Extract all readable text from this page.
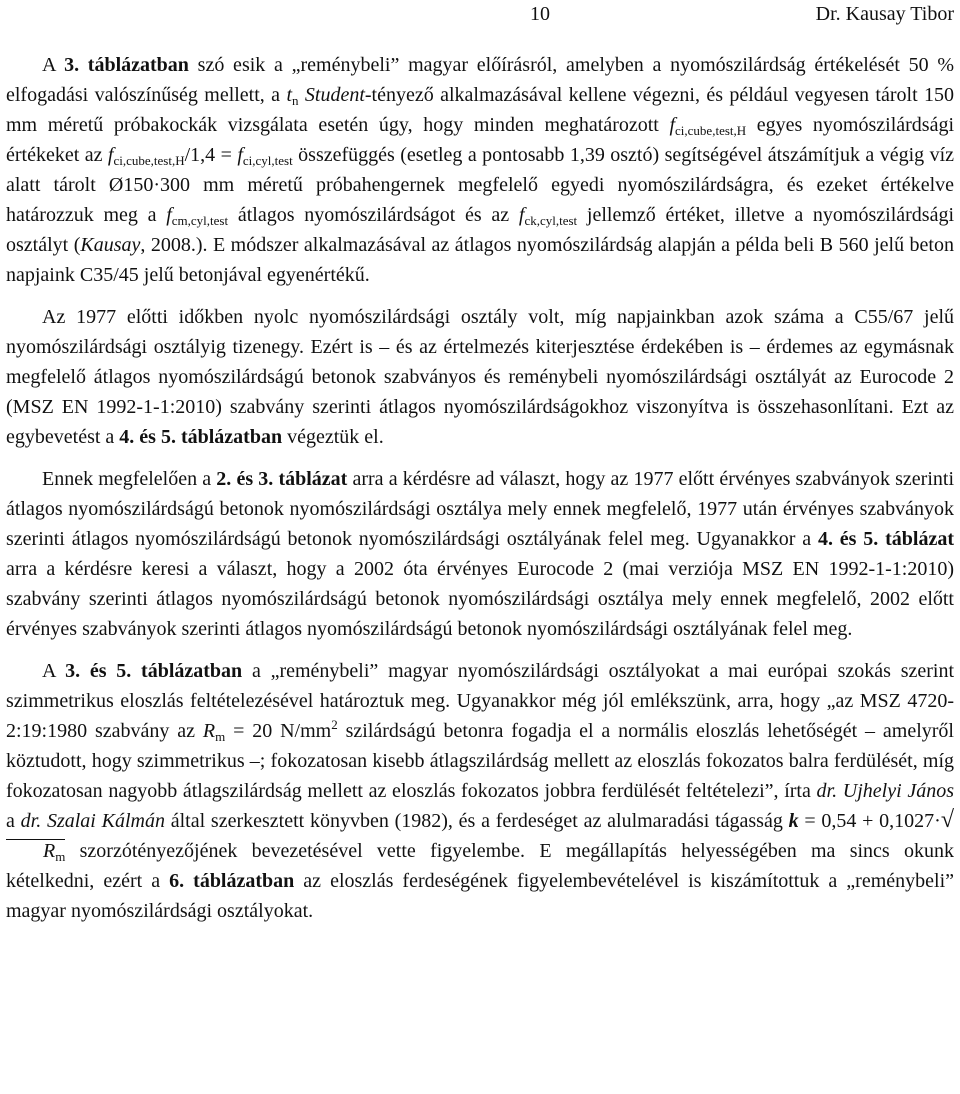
10	Dr. Kausay Tibor

A 3. táblázatban szó esik a „reménybeli” magyar előírásról, amelyben a nyomószilárdság értékelését 50 % elfogadási valószínűség mellett, a $t_n$ Student-tényező alkalmazásával kellene végezni, és például vegyesen tárolt 150 mm méretű próbakockák vizsgálata esetén úgy, hogy minden meghatározott $f_{ci,cube,test,H}$ egyes nyomószilárdsági értékeket az $f_{ci,cube,test,H}/1,4 = f_{ci,cyl,test}$ összefüggés (esetleg a pontosabb 1,39 osztó) segítségével átszámítjuk a végig víz alatt tárolt Ø150·300 mm méretű próbahengernek megfelelő egyedi nyomószilárdságra, és ezeket értékelve határozzuk meg a $f_{cm,cyl,test}$ átlagos nyomószilárdságot és az $f_{ck,cyl,test}$ jellemző értéket, illetve a nyomószilárdsági osztályt (Kausay, 2008.). E módszer alkalmazásával az átlagos nyomószilárdság alapján a példa beli B 560 jelű beton napjaink C35/45 jelű betonjával egyenértékű.

Az 1977 előtti időkben nyolc nyomószilárdsági osztály volt, míg napjainkban azok száma a C55/67 jelű nyomószilárdsági osztályig tizenegy. Ezért is – és az értelmezés kiterjesztése érdekében is – érdemes az egymásnak megfelelő átlagos nyomószilárdságú betonok szabványos és reménybeli nyomószilárdsági osztályát az Eurocode 2 (MSZ EN 1992-1-1:2010) szabvány szerinti átlagos nyomószilárdságokhoz viszonyítva is összehasonlítani. Ezt az egybevetést a 4. és 5. táblázatban végeztük el.

Ennek megfelelően a 2. és 3. táblázat arra a kérdésre ad választ, hogy az 1977 előtt érvényes szabványok szerinti átlagos nyomószilárdságú betonok nyomószilárdsági osztálya mely ennek megfelelő, 1977 után érvényes szabványok szerinti átlagos nyomószilárdságú betonok nyomószilárdsági osztályának felel meg. Ugyanakkor a 4. és 5. táblázat arra a kérdésre keresi a választ, hogy a 2002 óta érvényes Eurocode 2 (mai verziója MSZ EN 1992-1-1:2010) szabvány szerinti átlagos nyomószilárdságú betonok nyomószilárdsági osztálya mely ennek megfelelő, 2002 előtt érvényes szabványok szerinti átlagos nyomószilárdságú betonok nyomószilárdsági osztályának felel meg.

A 3. és 5. táblázatban a „reménybeli” magyar nyomószilárdsági osztályokat a mai európai szokás szerint szimmetrikus eloszlás feltételezésével határoztuk meg. Ugyanakkor még jól emlékszünk, arra, hogy „az MSZ 4720-2:19:1980 szabvány az $R_m = 20$ $N/mm^2$ szilárdságú betonra fogadja el a normális eloszlás lehetőségét – amelyről köztudott, hogy szimmetrikus –; fokozatosan kisebb átlagszilárdság mellett az eloszlás fokozatos balra ferdülését, míg fokozatosan nagyobb átlagszilárdság mellett az eloszlás fokozatos jobbra ferdülését feltételezi”, írta dr. Ujhelyi János a dr. Szalai Kálmán által szerkesztett könyvben (1982), és a ferdeséget az alulmaradási tágasság $k = 0,54 + 0,1027\cdot√R_m$ szorzótényezőjének bevezetésével vette figyelembe. E megállapítás helyességében ma sincs okunk kételkedni, ezért a 6. táblázatban az eloszlás ferdeségének figyelembevételével is kiszámítottuk a „reménybeli” magyar nyomószilárdsági osztályokat.
